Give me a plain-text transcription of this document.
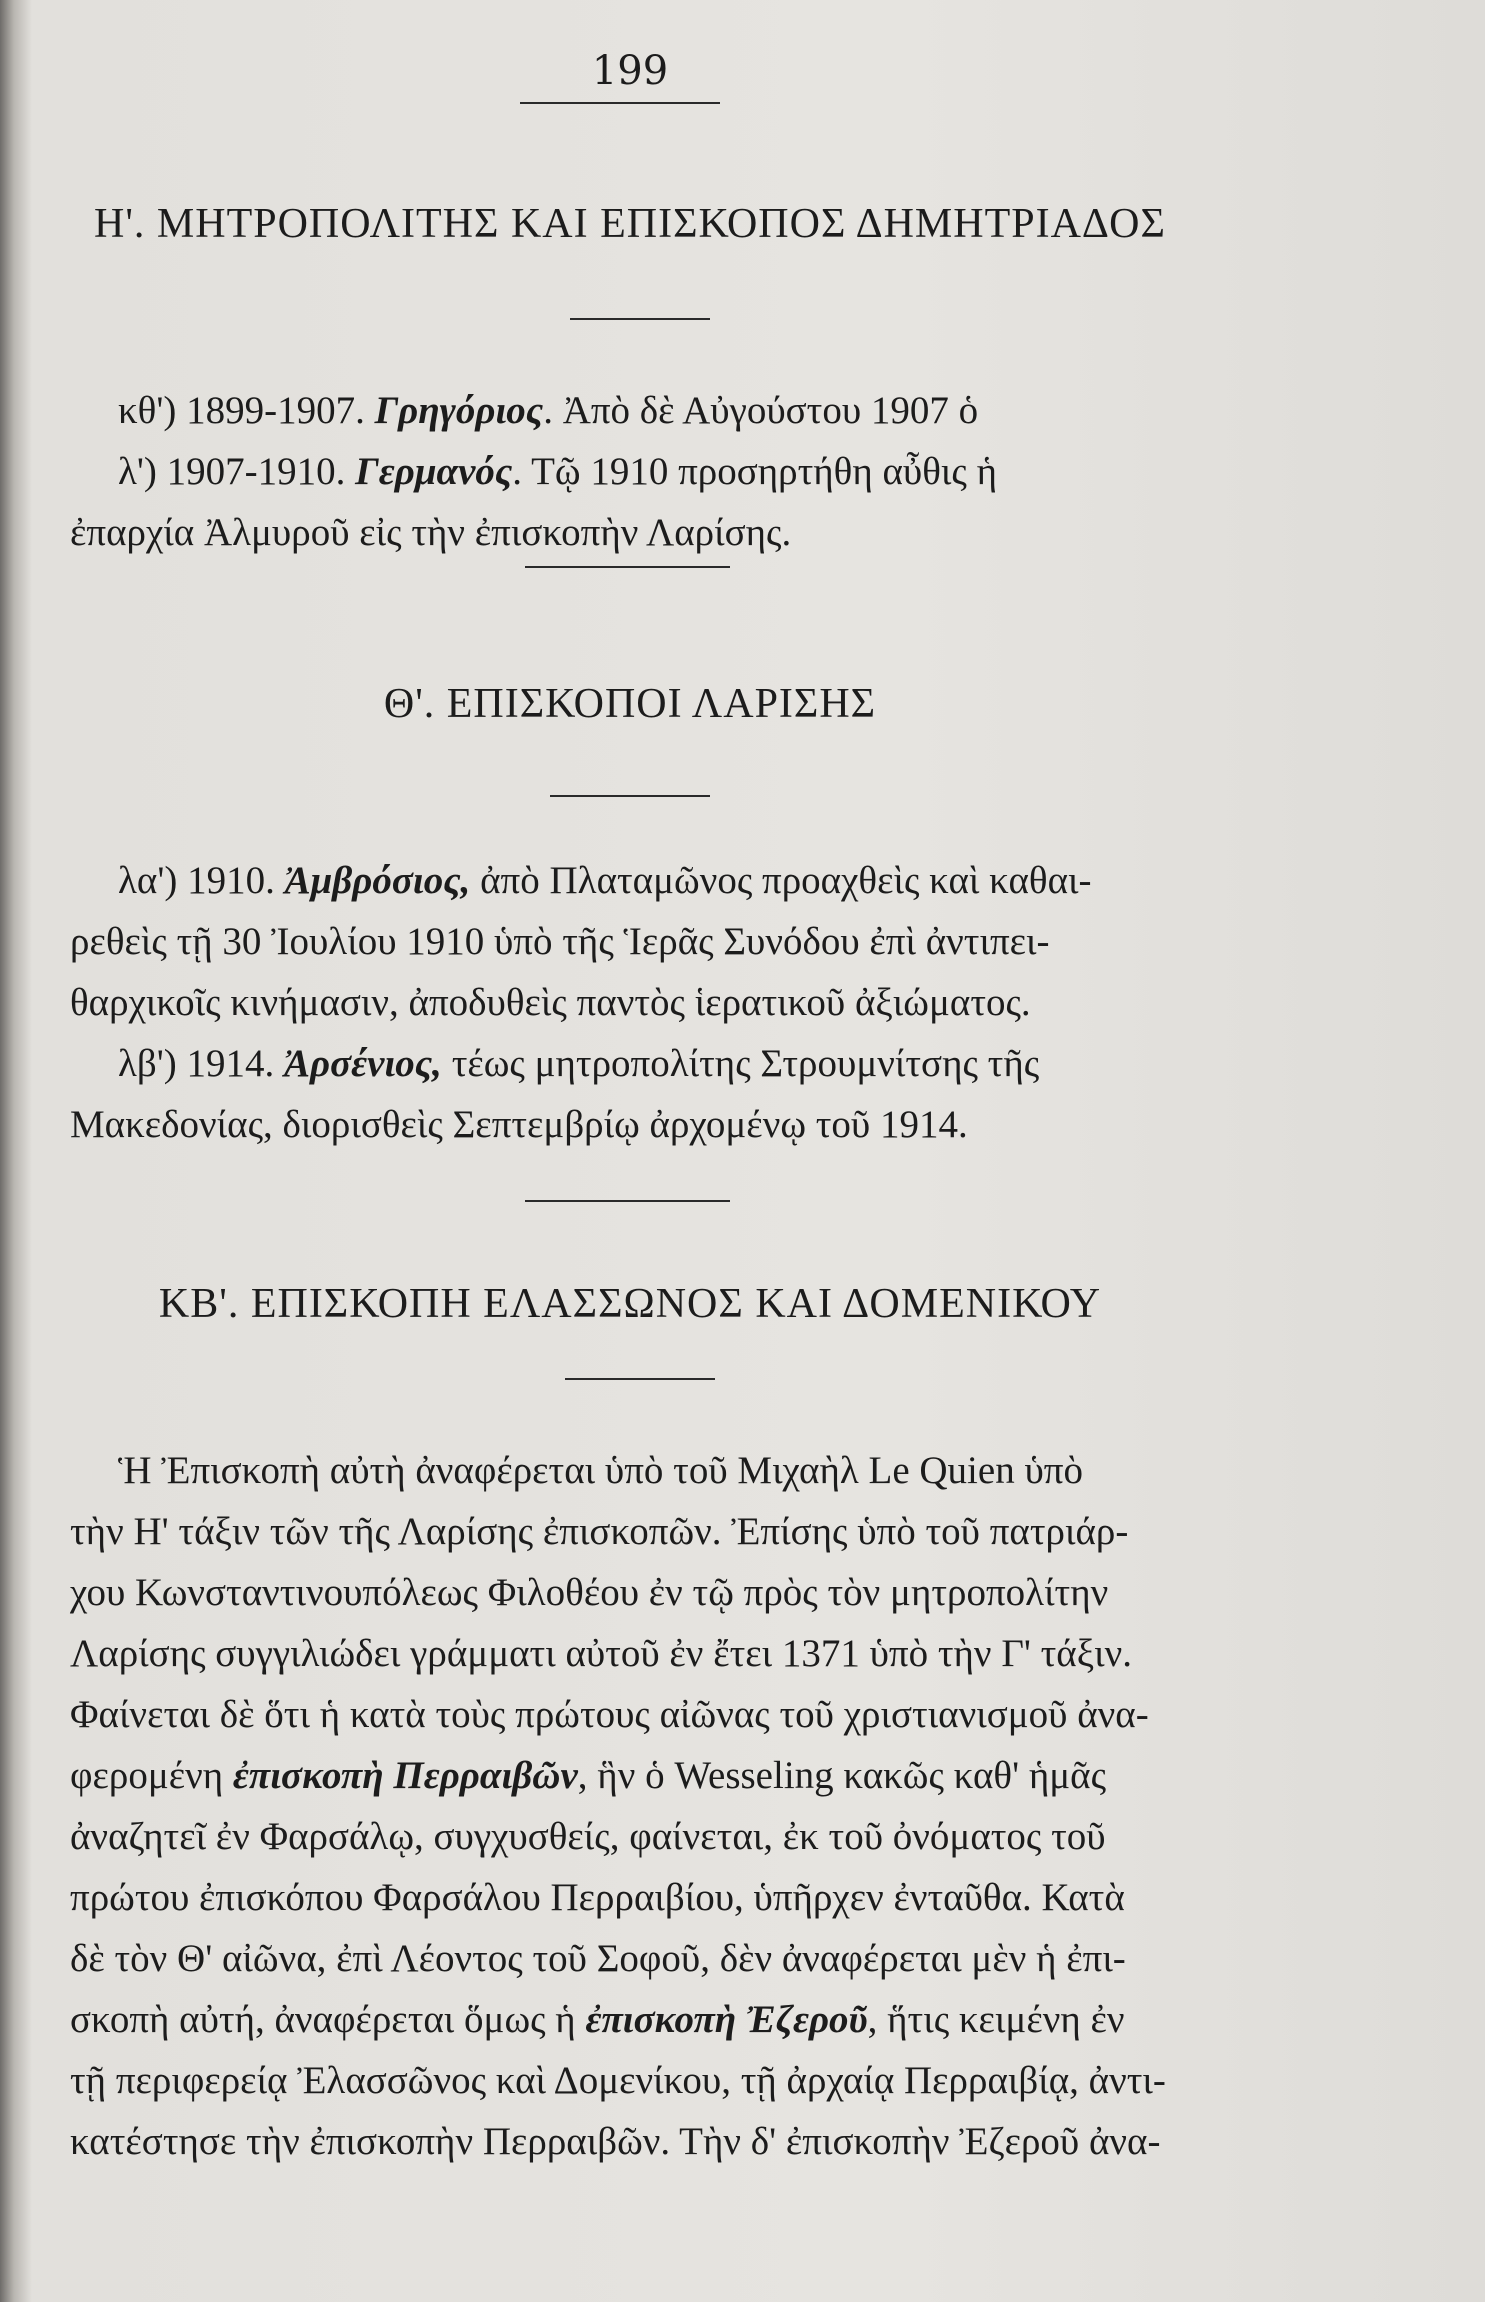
199
Η'. ΜΗΤΡΟΠΟΛΙΤΗΣ ΚΑΙ ΕΠΙΣΚΟΠΟΣ ΔΗΜΗΤΡΙΑΔΟΣ
κθ') 1899-1907. Γρηγόριος. Ἀπὸ δὲ Αὐγούστου 1907 ὁ
λ') 1907-1910. Γερμανός. Τῷ 1910 προσηρτήθη αὖθις ἡ
ἐπαρχία Ἀλμυροῦ εἰς τὴν ἐπισκοπὴν Λαρίσης.
Θ'. ΕΠΙΣΚΟΠΟΙ ΛΑΡΙΣΗΣ
λα') 1910. Ἀμβρόσιος, ἀπὸ Πλαταμῶνος προαχθεὶς καὶ καθαι-
ρεθεὶς τῇ 30 Ἰουλίου 1910 ὑπὸ τῆς Ἱερᾶς Συνόδου ἐπὶ ἀντιπει-
θαρχικοῖς κινήμασιν, ἀποδυθεὶς παντὸς ἱερατικοῦ ἀξιώματος.
λβ') 1914. Ἀρσένιος, τέως μητροπολίτης Στρουμνίτσης τῆς
Μακεδονίας, διορισθεὶς Σεπτεμβρίῳ ἀρχομένῳ τοῦ 1914.
ΚΒ'. ΕΠΙΣΚΟΠΗ ΕΛΑΣΣΩΝΟΣ ΚΑΙ ΔΟΜΕΝΙΚΟΥ
Ἡ Ἐπισκοπὴ αὐτὴ ἀναφέρεται ὑπὸ τοῦ Μιχαὴλ Le Quien ὑπὸ
τὴν Η' τάξιν τῶν τῆς Λαρίσης ἐπισκοπῶν. Ἐπίσης ὑπὸ τοῦ πατριάρ-
χου Κωνσταντινουπόλεως Φιλοθέου ἐν τῷ πρὸς τὸν μητροπολίτην
Λαρίσης συγγιλιώδει γράμματι αὐτοῦ ἐν ἔτει 1371 ὑπὸ τὴν Γ' τάξιν.
Φαίνεται δὲ ὅτι ἡ κατὰ τοὺς πρώτους αἰῶνας τοῦ χριστιανισμοῦ ἀνα-
φερομένη ἐπισκοπὴ Περραιβῶν, ἣν ὁ Wesseling κακῶς καθ' ἡμᾶς
ἀναζητεῖ ἐν Φαρσάλῳ, συγχυσθείς, φαίνεται, ἐκ τοῦ ὀνόματος τοῦ
πρώτου ἐπισκόπου Φαρσάλου Περραιβίου, ὑπῆρχεν ἐνταῦθα. Κατὰ
δὲ τὸν Θ' αἰῶνα, ἐπὶ Λέοντος τοῦ Σοφοῦ, δὲν ἀναφέρεται μὲν ἡ ἐπι-
σκοπὴ αὐτή, ἀναφέρεται ὅμως ἡ ἐπισκοπὴ Ἐζεροῦ, ἥτις κειμένη ἐν
τῇ περιφερείᾳ Ἐλασσῶνος καὶ Δομενίκου, τῇ ἀρχαίᾳ Περραιβίᾳ, ἀντι-
κατέστησε τὴν ἐπισκοπὴν Περραιβῶν. Τὴν δ' ἐπισκοπὴν Ἐζεροῦ ἀνα-
